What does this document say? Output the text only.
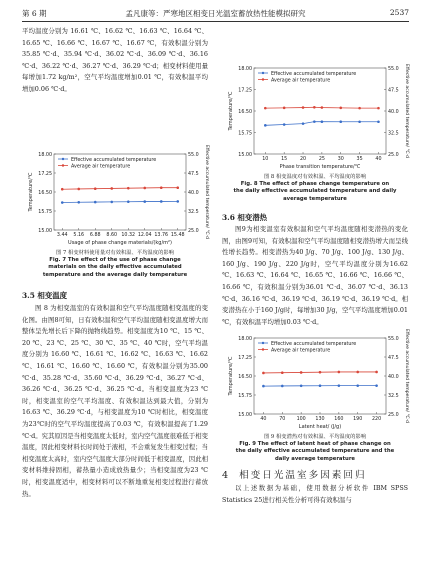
第 6 期	孟凡康等：严寒地区相变日光温室蓄放热性能模拟研究	2537

平均温度分别为 16.61 ℃、16.62 ℃、16.63 ℃、16.64 ℃、16.65 ℃、16.66 ℃、16.67 ℃、16.67 ℃，有效积温分别为35.85 ℃·d、35.94 ℃·d、36.02 ℃·d、36.09 ℃·d、36.16 ℃·d、36.22 ℃·d、36.27 ℃·d、36.29 ℃·d；相变材料使用量每增加1.72 kg/m²，空气平均温度增加0.01 ℃，有效积温平均增加0.06 ℃·d。

15.00
15.75
16.50
17.25
18.00
25.0
32.5
40.0
47.5
55.0
3.44 5.16 6.88 8.60 10.32 12.04 13.76 15.48
Usage of phase change materials/(kg/m²)
Temperature/℃	Effective accumulated temperature/ ℃·d
Effective accumulated temperature
Average air temperature
图 7 相变材料使用量对有效积温、平均温度的影响
Fig. 7 The effect of the use of phase change
materials on the daily effective accumulated
temperature and the average daily temperature
3.5 相变温度

图 8 为相变温室的有效积温和空气平均温度随相变温度的变化图。由图8可知，日有效积温和空气平均温度随相变温度增大而整体呈先增长后下降的抛物线趋势。相变温度为10 ℃、15 ℃、20 ℃、23 ℃、25 ℃、30 ℃、35 ℃、40 ℃时，空气平均温度分别为 16.60 ℃、16.61 ℃、16.62 ℃、16.63 ℃、16.62 ℃、16.61 ℃、16.60 ℃、16.60 ℃，有效积温分别为35.00 ℃·d、35.28 ℃·d、35.60 ℃·d、36.29 ℃·d、36.27 ℃·d、36.26 ℃·d、36.25 ℃·d、36.25 ℃·d。当相变温度为23 ℃时，相变温室的空气平均温度、有效积温达到最大值，分别为16.63 ℃、36.29 ℃·d，与相变温度为10 ℃时相比，相变温度为23℃时的空气平均温度提高了0.03 ℃，有效积温提高了1.29 ℃·d。究其原因是当相变温度太低时，室内空气温度很难低于相变温度，因此相变材料长时间处于液相，不会重复发生相变过程；当相变温度太高时，室内空气温度大部分时间低于相变温度，因此相变材料维持固相，蓄热量小造成放热量少；当相变温度为23 ℃时，相变温度适中，相变材料可以不断地重复相变过程进行蓄放热。

15.00
15.75
16.50
17.25
18.00
25.0
32.5
40.0
47.5
55.0
10	15	20	25	30	35	40
Phase transition temperature/℃
Temperature/℃	Effective accumulated temperature/ ℃·d
Effective accumulated temperature
Average air temperature
图 8 相变温度对有效积温、平均温度的影响
Fig. 8 The effect of phase change temperature on
the daily effective accumulated temperature and daily
average temperature
3.6 相变潜热

图9为相变温室有效积温和空气平均温度随相变潜热的变化图，由图9可知，有效积温和空气平均温度随相变潜热增大而呈线性增长趋势。相变潜热为40 J/g、70 J/g、100 J/g、130 J/g、160 J/g、190 J/g、220 J/g时，空气平均温度分别为16.62 ℃、16.63 ℃、16.64 ℃、16.65 ℃、16.66 ℃、16.66 ℃、16.66 ℃，有效积温分别为36.01 ℃·d、36.07 ℃·d、36.13 ℃·d、36.16 ℃·d、36.19 ℃·d、36.19 ℃·d、36.19 ℃·d。相变潜热在小于160 J/g时，每增加30 J/g，空气平均温度增加0.01 ℃，有效积温平均增加0.03 ℃·d。

15.00
15.75
16.50
17.25
18.00
25.0
32.5
40.0
47.5
55.0
40	70 100 130 160 190 220
Latent heat/ (J/g)
Temperature/℃	Effective accumulated temperature/ ℃·d
Effective accumulated temperature
Average air temperature
图 9 相变潜热对有效积温、平均温度的影响
Fig. 9 The effect of latent heat of phase change on
the daily effective accumulated temperature and the
daily average temperature
4 相变日光温室多因素回归

以上述数据为基础，使用数据分析软件 IBM SPSS Statistics 25进行相关性分析可得有效积温与
